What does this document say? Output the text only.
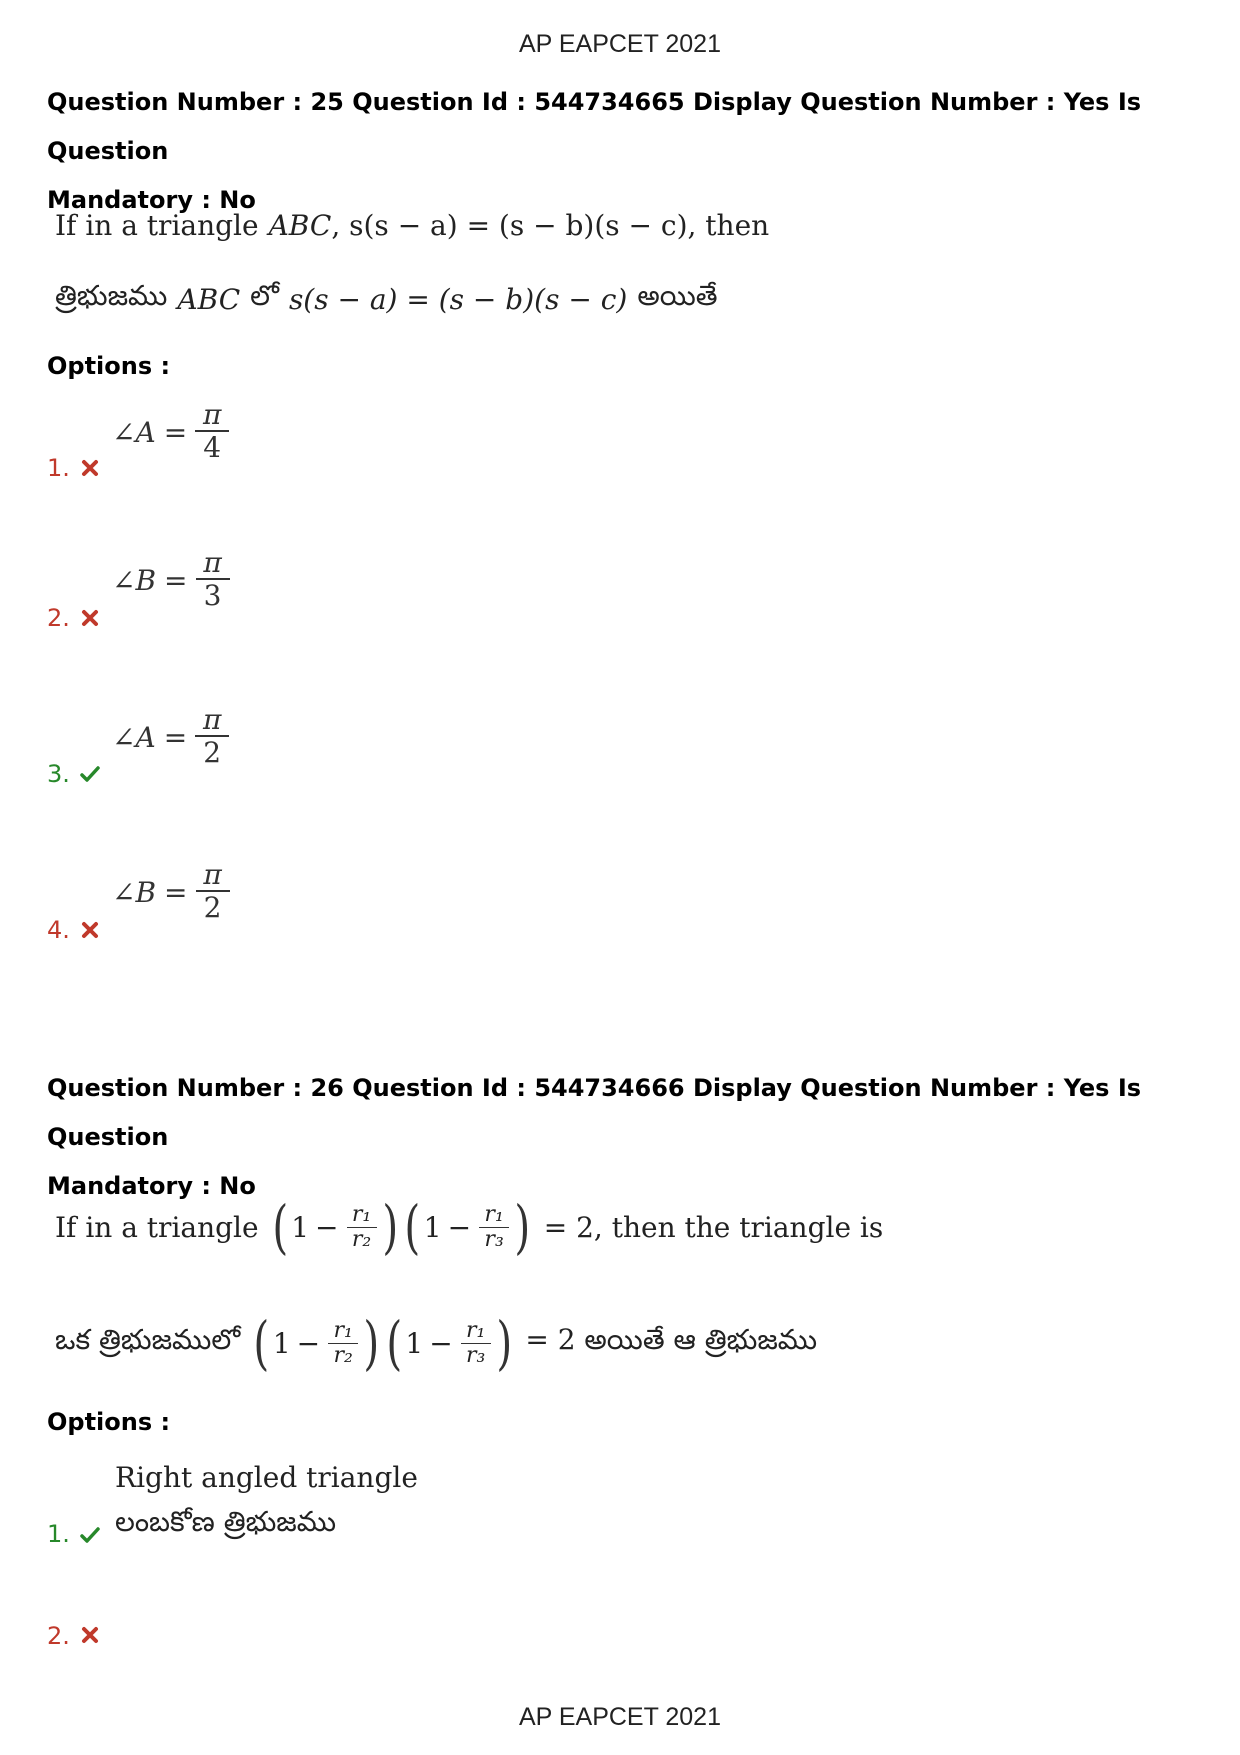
AP EAPCET 2021
Question Number : 25 Question Id : 544734665 Display Question Number : Yes Is Question
Mandatory : No
If in a triangle ABC , s(s − a) = (s − b)(s − c), then
త్రిభుజము ABC లో s(s − a) = (s − b)(s − c) అయితే
Options :
∠A = $\frac{\pi}{4}$
1.
∠B = $\frac{\pi}{3}$
2.
∠A = $\frac{\pi}{2}$
3.
∠B = $\frac{\pi}{2}$
4.
Question Number : 26 Question Id : 544734666 Display Question Number : Yes Is Question
Mandatory : No
If in a triangle ( $1 - \frac{\text{r₁}}{\text{r₂}}$ ) ( $1 - \frac{\text{r₁}}{\text{r₃}}$ ) = 2, then the triangle is
ఒక త్రిభుజములో ( $1 - \frac{\text{r₁}}{\text{r₂}}$ ) ( $1 - \frac{\text{r₁}}{\text{r₃}}$ ) = 2 అయితే ఆ త్రిభుజము
Options :
Right angled triangle
లంబకోణ త్రిభుజము
1.
2.
AP EAPCET 2021
